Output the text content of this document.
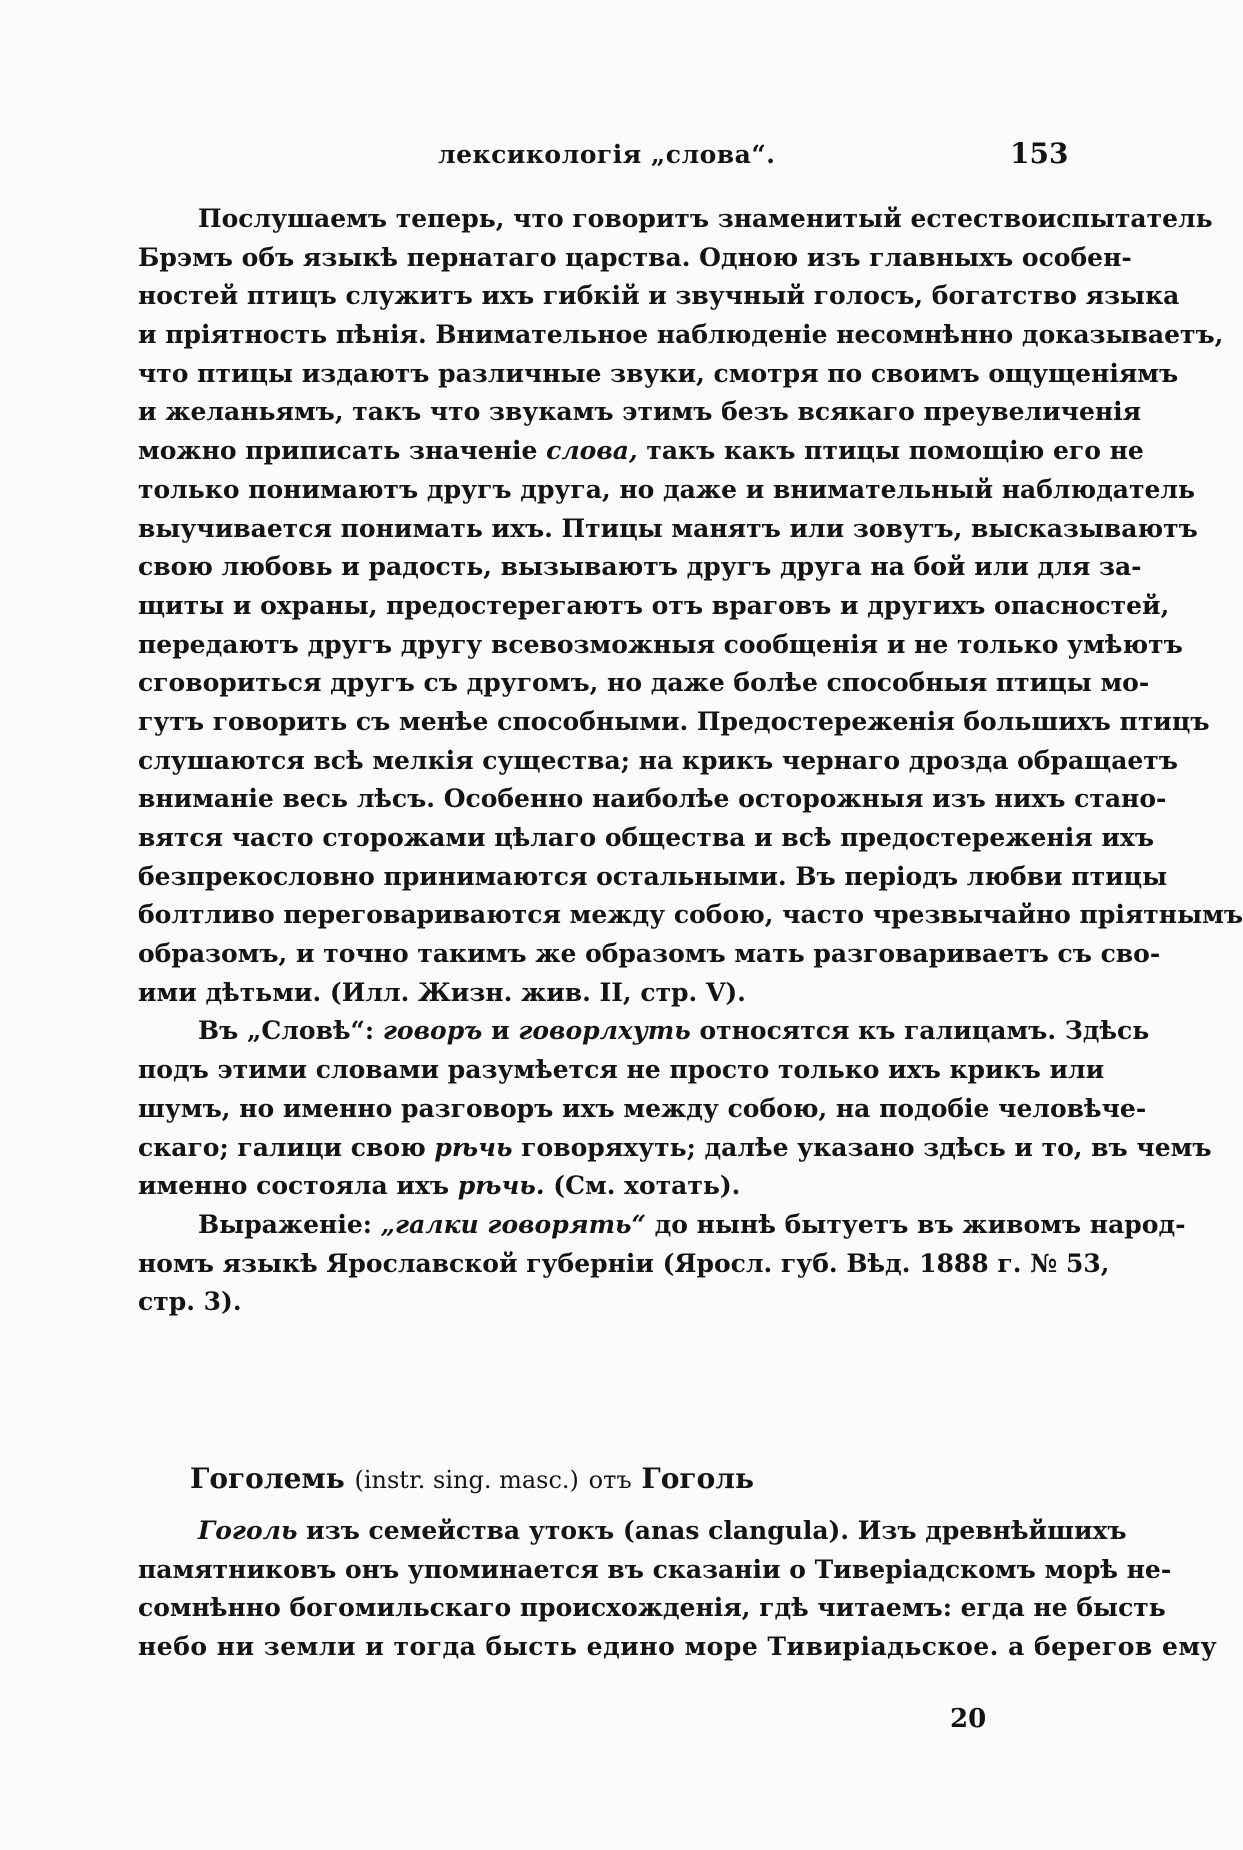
лексикологія „слова“.	153
Послушаемъ теперь, что говоритъ знаменитый естествоиспытатель
Брэмъ объ языкѣ пернатаго царства. Одною изъ главныхъ особен-
ностей птицъ служитъ ихъ гибкій и звучный голосъ, богатство языка
и пріятность пѣнія. Внимательное наблюденіе несомнѣнно доказываетъ,
что птицы издаютъ различные звуки, смотря по своимъ ощущеніямъ
и желаньямъ, такъ что звукамъ этимъ безъ всякаго преувеличенія
можно приписать значеніе слова, такъ какъ птицы помощію его не
только понимаютъ другъ друга, но даже и внимательный наблюдатель
выучивается понимать ихъ. Птицы манятъ или зовутъ, высказываютъ
свою любовь и радость, вызываютъ другъ друга на бой или для за-
щиты и охраны, предостерегаютъ отъ враговъ и другихъ опасностей,
передаютъ другъ другу всевозможныя сообщенія и не только умѣютъ
сговориться другъ съ другомъ, но даже болѣе способныя птицы мо-
гутъ говорить съ менѣе способными. Предостереженія большихъ птицъ
слушаются всѣ мелкія существа; на крикъ чернаго дрозда обращаетъ
вниманіе весь лѣсъ. Особенно наиболѣе осторожныя изъ нихъ стано-
вятся часто сторожами цѣлаго общества и всѣ предостереженія ихъ
безпрекословно принимаются остальными. Въ періодъ любви птицы
болтливо переговариваются между собою, часто чрезвычайно пріятнымъ
образомъ, и точно такимъ же образомъ мать разговариваетъ съ сво-
ими дѣтьми. (Илл. Жизн. жив. II, стр. V).
Въ „Словѣ“: говоръ и говорлхуть относятся къ галицамъ. Здѣсь
подъ этими словами разумѣется не просто только ихъ крикъ или
шумъ, но именно разговоръ ихъ между собою, на подобіе человѣче-
скаго; галици свою рѣчь говоряхуть; далѣе указано здѣсь и то, въ чемъ
именно состояла ихъ рѣчь. (См. хотать).
Выраженіе: „галки говорять“ до нынѣ бытуетъ въ живомъ народ-
номъ языкѣ Ярославской губерніи (Яросл. губ. Вѣд. 1888 г. № 53,
стр. 3).
Гоголемь (instr. sing. masc.) отъ Гоголь
Гоголь изъ семейства утокъ (anas clangula). Изъ древнѣйшихъ
памятниковъ онъ упоминается въ сказаніи о Тиверіадскомъ морѣ не-
сомнѣнно богомильскаго происхожденія, гдѣ читаемъ: егда не бысть
небо ни земли и тогда бысть едино море Тивиріадьское. а берегов ему
20
